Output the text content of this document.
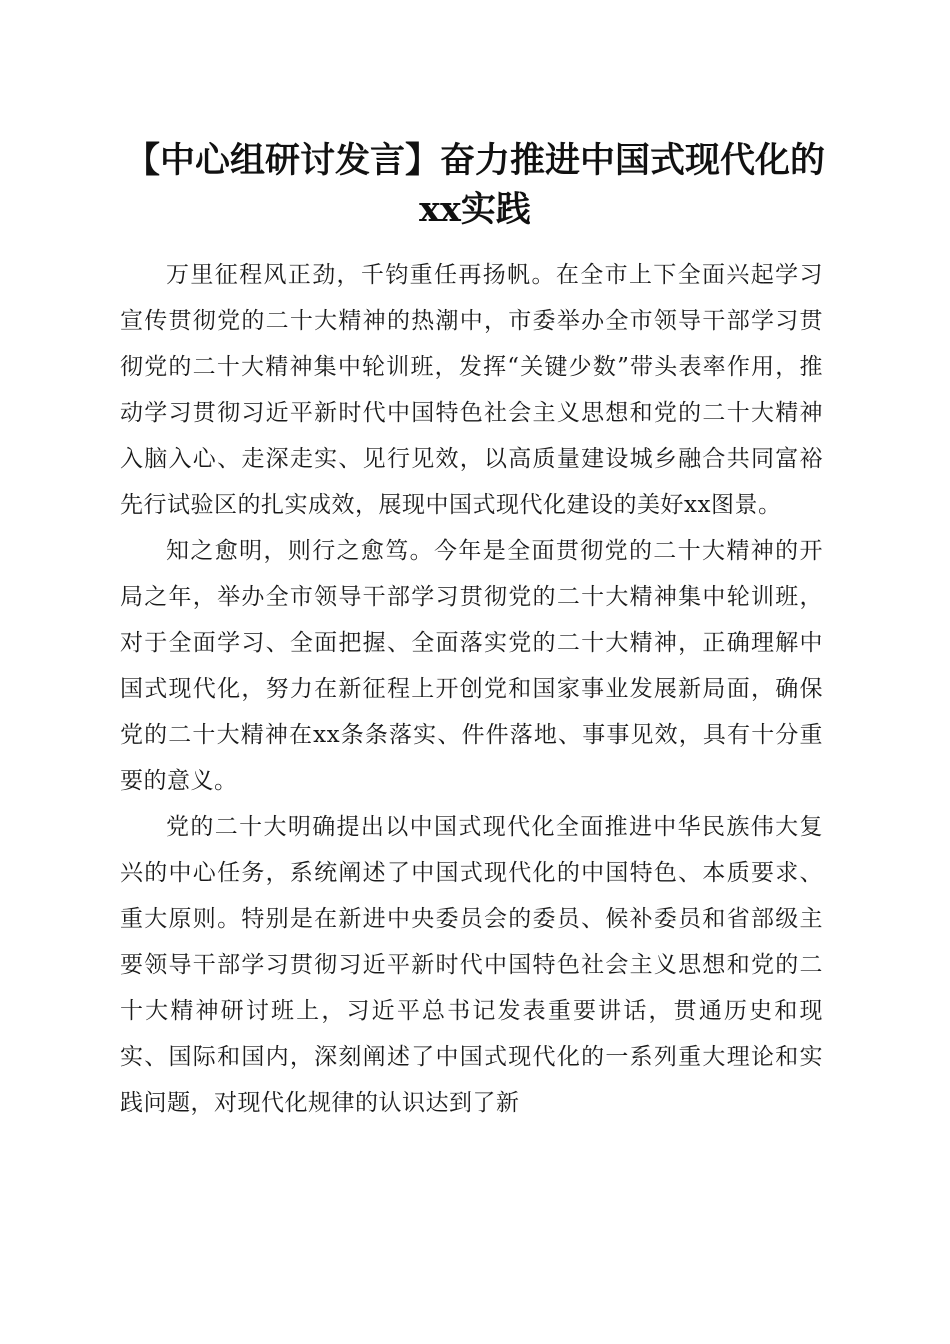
【中心组研讨发言】奋力推进中国式现代化的xx实践

万里征程风正劲，千钧重任再扬帆。在全市上下全面兴起学习宣传贯彻党的二十大精神的热潮中，市委举办全市领导干部学习贯彻党的二十大精神集中轮训班，发挥“关键少数”带头表率作用，推动学习贯彻习近平新时代中国特色社会主义思想和党的二十大精神入脑入心、走深走实、见行见效，以高质量建设城乡融合共同富裕先行试验区的扎实成效，展现中国式现代化建设的美好xx图景。

知之愈明，则行之愈笃。今年是全面贯彻党的二十大精神的开局之年，举办全市领导干部学习贯彻党的二十大精神集中轮训班，对于全面学习、全面把握、全面落实党的二十大精神，正确理解中国式现代化，努力在新征程上开创党和国家事业发展新局面，确保党的二十大精神在xx条条落实、件件落地、事事见效，具有十分重要的意义。

党的二十大明确提出以中国式现代化全面推进中华民族伟大复兴的中心任务，系统阐述了中国式现代化的中国特色、本质要求、重大原则。特别是在新进中央委员会的委员、候补委员和省部级主要领导干部学习贯彻习近平新时代中国特色社会主义思想和党的二十大精神研讨班上，习近平总书记发表重要讲话，贯通历史和现实、国际和国内，深刻阐述了中国式现代化的一系列重大理论和实践问题，对现代化规律的认识达到了新
